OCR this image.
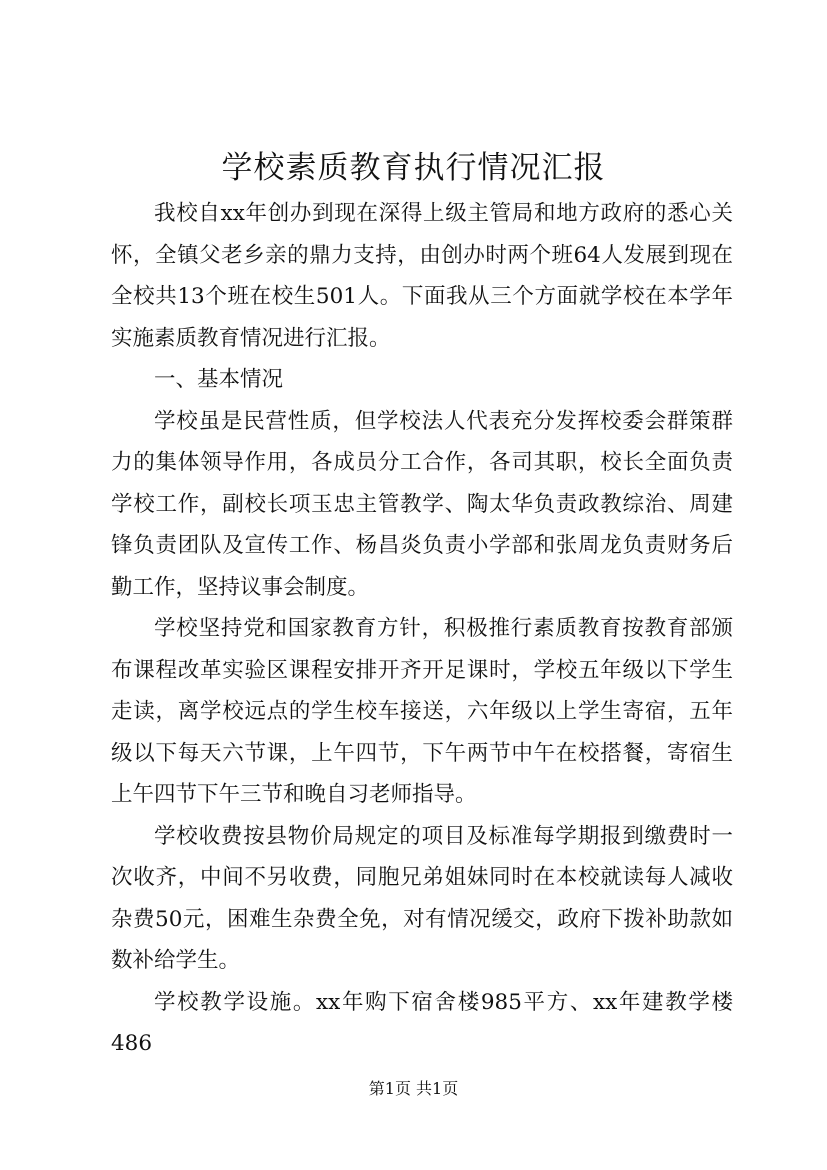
学校素质教育执行情况汇报

我校自xx年创办到现在深得上级主管局和地方政府的悉心关怀，全镇父老乡亲的鼎力支持，由创办时两个班64人发展到现在全校共13个班在校生501人。下面我从三个方面就学校在本学年实施素质教育情况进行汇报。

一、基本情况

学校虽是民营性质，但学校法人代表充分发挥校委会群策群力的集体领导作用，各成员分工合作，各司其职，校长全面负责学校工作，副校长项玉忠主管教学、陶太华负责政教综治、周建锋负责团队及宣传工作、杨昌炎负责小学部和张周龙负责财务后勤工作，坚持议事会制度。

学校坚持党和国家教育方针，积极推行素质教育按教育部颁布课程改革实验区课程安排开齐开足课时，学校五年级以下学生走读，离学校远点的学生校车接送，六年级以上学生寄宿，五年级以下每天六节课，上午四节，下午两节中午在校搭餐，寄宿生上午四节下午三节和晚自习老师指导。

学校收费按县物价局规定的项目及标准每学期报到缴费时一次收齐，中间不另收费，同胞兄弟姐妹同时在本校就读每人减收杂费50元，困难生杂费全免，对有情况缓交，政府下拨补助款如数补给学生。

学校教学设施。xx年购下宿舍楼985平方、xx年建教学楼486

第1页 共1页
